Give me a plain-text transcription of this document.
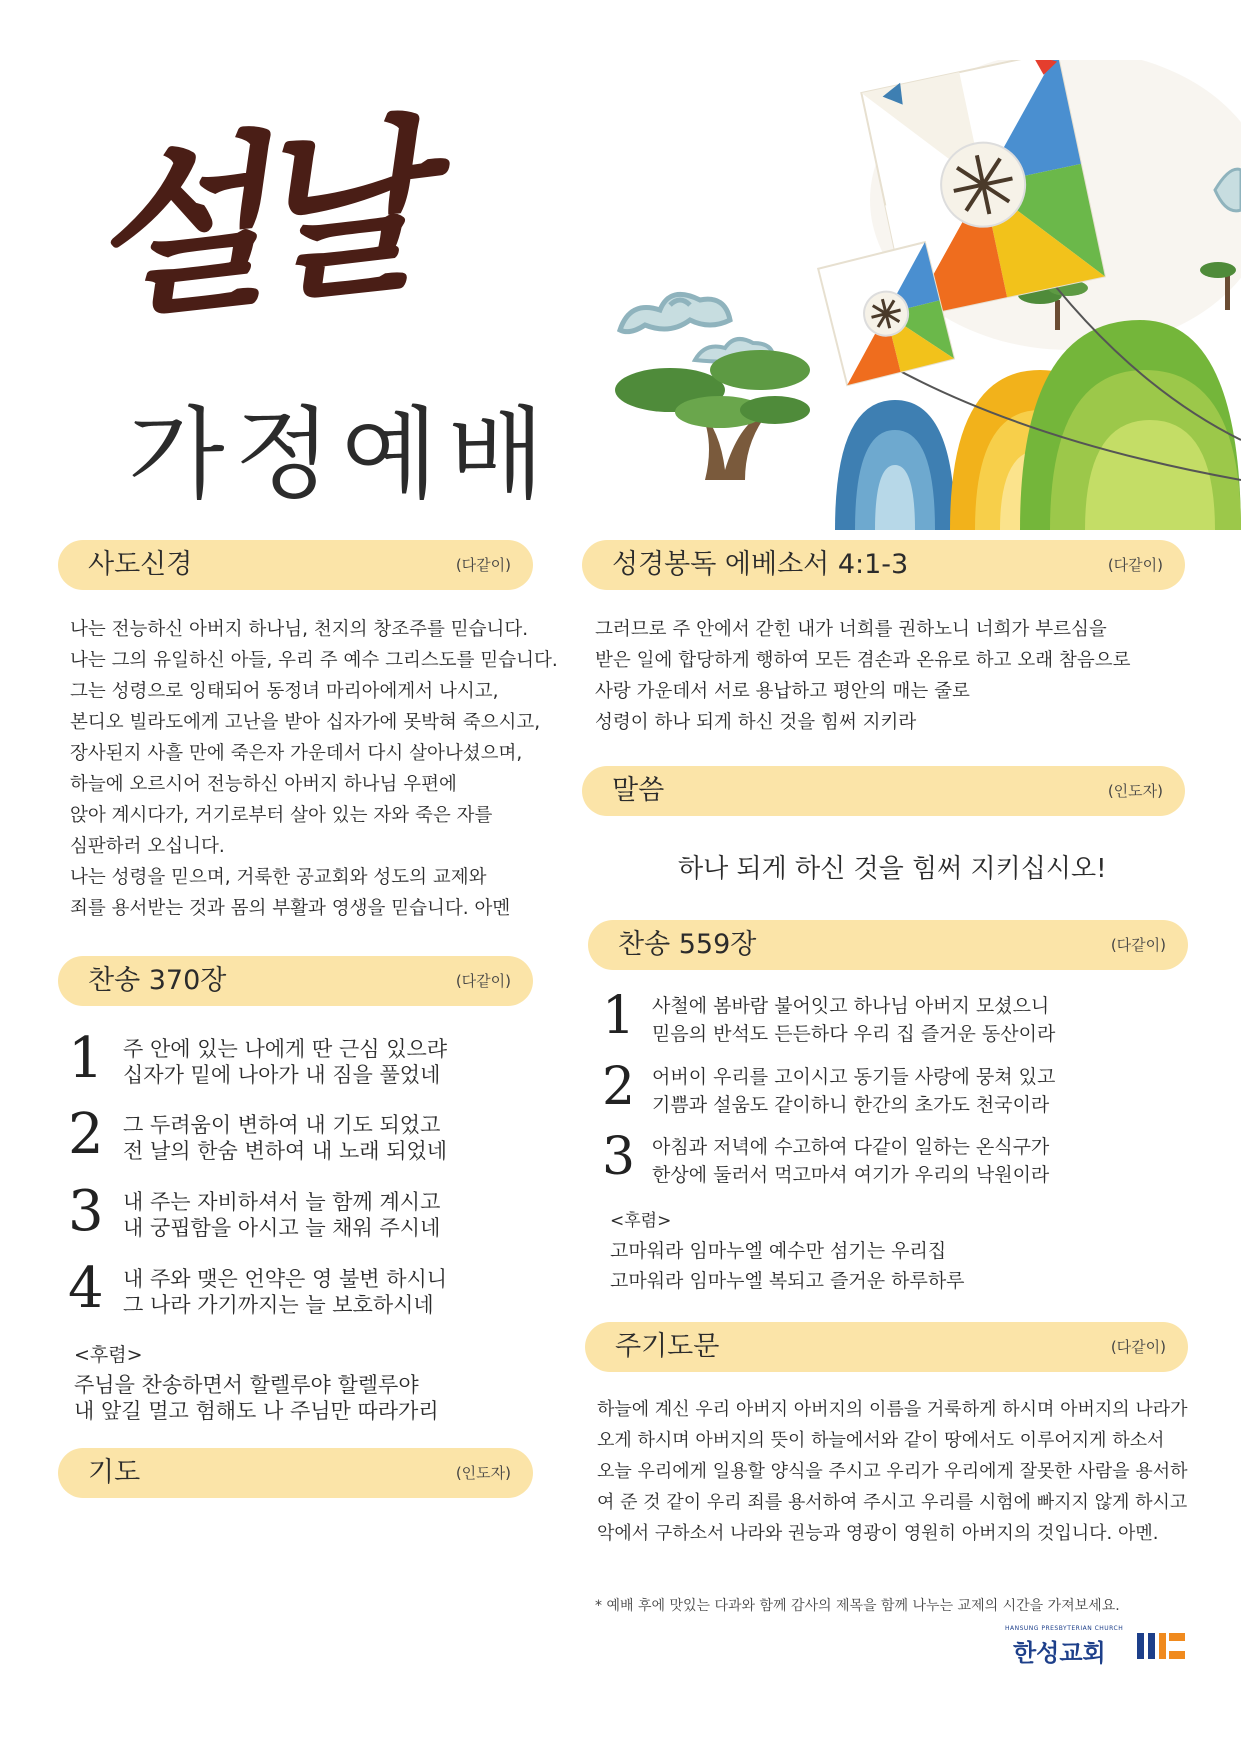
설날
가정예배
사도신경	(다같이)
나는 전능하신 아버지 하나님, 천지의 창조주를 믿습니다.
나는 그의 유일하신 아들, 우리 주 예수 그리스도를 믿습니다.
그는 성령으로 잉태되어 동정녀 마리아에게서 나시고,
본디오 빌라도에게 고난을 받아 십자가에 못박혀 죽으시고,
장사된지 사흘 만에 죽은자 가운데서 다시 살아나셨으며,
하늘에 오르시어 전능하신 아버지 하나님 우편에
앉아 계시다가, 거기로부터 살아 있는 자와 죽은 자를
심판하러 오십니다.
나는 성령을 믿으며, 거룩한 공교회와 성도의 교제와
죄를 용서받는 것과 몸의 부활과 영생을 믿습니다. 아멘
찬송 370장	(다같이)
1 주 안에 있는 나에게 딴 근심 있으랴
십자가 밑에 나아가 내 짐을 풀었네
2 그 두려움이 변하여 내 기도 되었고
전 날의 한숨 변하여 내 노래 되었네
3 내 주는 자비하셔서 늘 함께 계시고
내 궁핍함을 아시고 늘 채워 주시네
4 내 주와 맺은 언약은 영 불변 하시니
그 나라 가기까지는 늘 보호하시네
<후렴>
주님을 찬송하면서 할렐루야 할렐루야
내 앞길 멀고 험해도 나 주님만 따라가리
기도	(인도자)
성경봉독 에베소서 4:1-3	(다같이)
그러므로 주 안에서 갇힌 내가 너희를 권하노니 너희가 부르심을
받은 일에 합당하게 행하여 모든 겸손과 온유로 하고 오래 참음으로
사랑 가운데서 서로 용납하고 평안의 매는 줄로
성령이 하나 되게 하신 것을 힘써 지키라
말씀	(인도자)
하나 되게 하신 것을 힘써 지키십시오!
찬송 559장	(다같이)
1 사철에 봄바람 불어잇고 하나님 아버지 모셨으니
믿음의 반석도 든든하다 우리 집 즐거운 동산이라
2 어버이 우리를 고이시고 동기들 사랑에 뭉쳐 있고
기쁨과 설움도 같이하니 한간의 초가도 천국이라
3 아침과 저녁에 수고하여 다같이 일하는 온식구가
한상에 둘러서 먹고마셔 여기가 우리의 낙원이라
<후렴>
고마워라 임마누엘 예수만 섬기는 우리집
고마워라 임마누엘 복되고 즐거운 하루하루
주기도문	(다같이)
하늘에 계신 우리 아버지 아버지의 이름을 거룩하게 하시며 아버지의 나라가
오게 하시며 아버지의 뜻이 하늘에서와 같이 땅에서도 이루어지게 하소서
오늘 우리에게 일용할 양식을 주시고 우리가 우리에게 잘못한 사람을 용서하
여 준 것 같이 우리 죄를 용서하여 주시고 우리를 시험에 빠지지 않게 하시고
악에서 구하소서 나라와 권능과 영광이 영원히 아버지의 것입니다. 아멘.
* 예배 후에 맛있는 다과와 함께 감사의 제목을 함께 나누는 교제의 시간을 가져보세요.
HANSUNG PRESBYTERIAN CHURCH
한성교회
